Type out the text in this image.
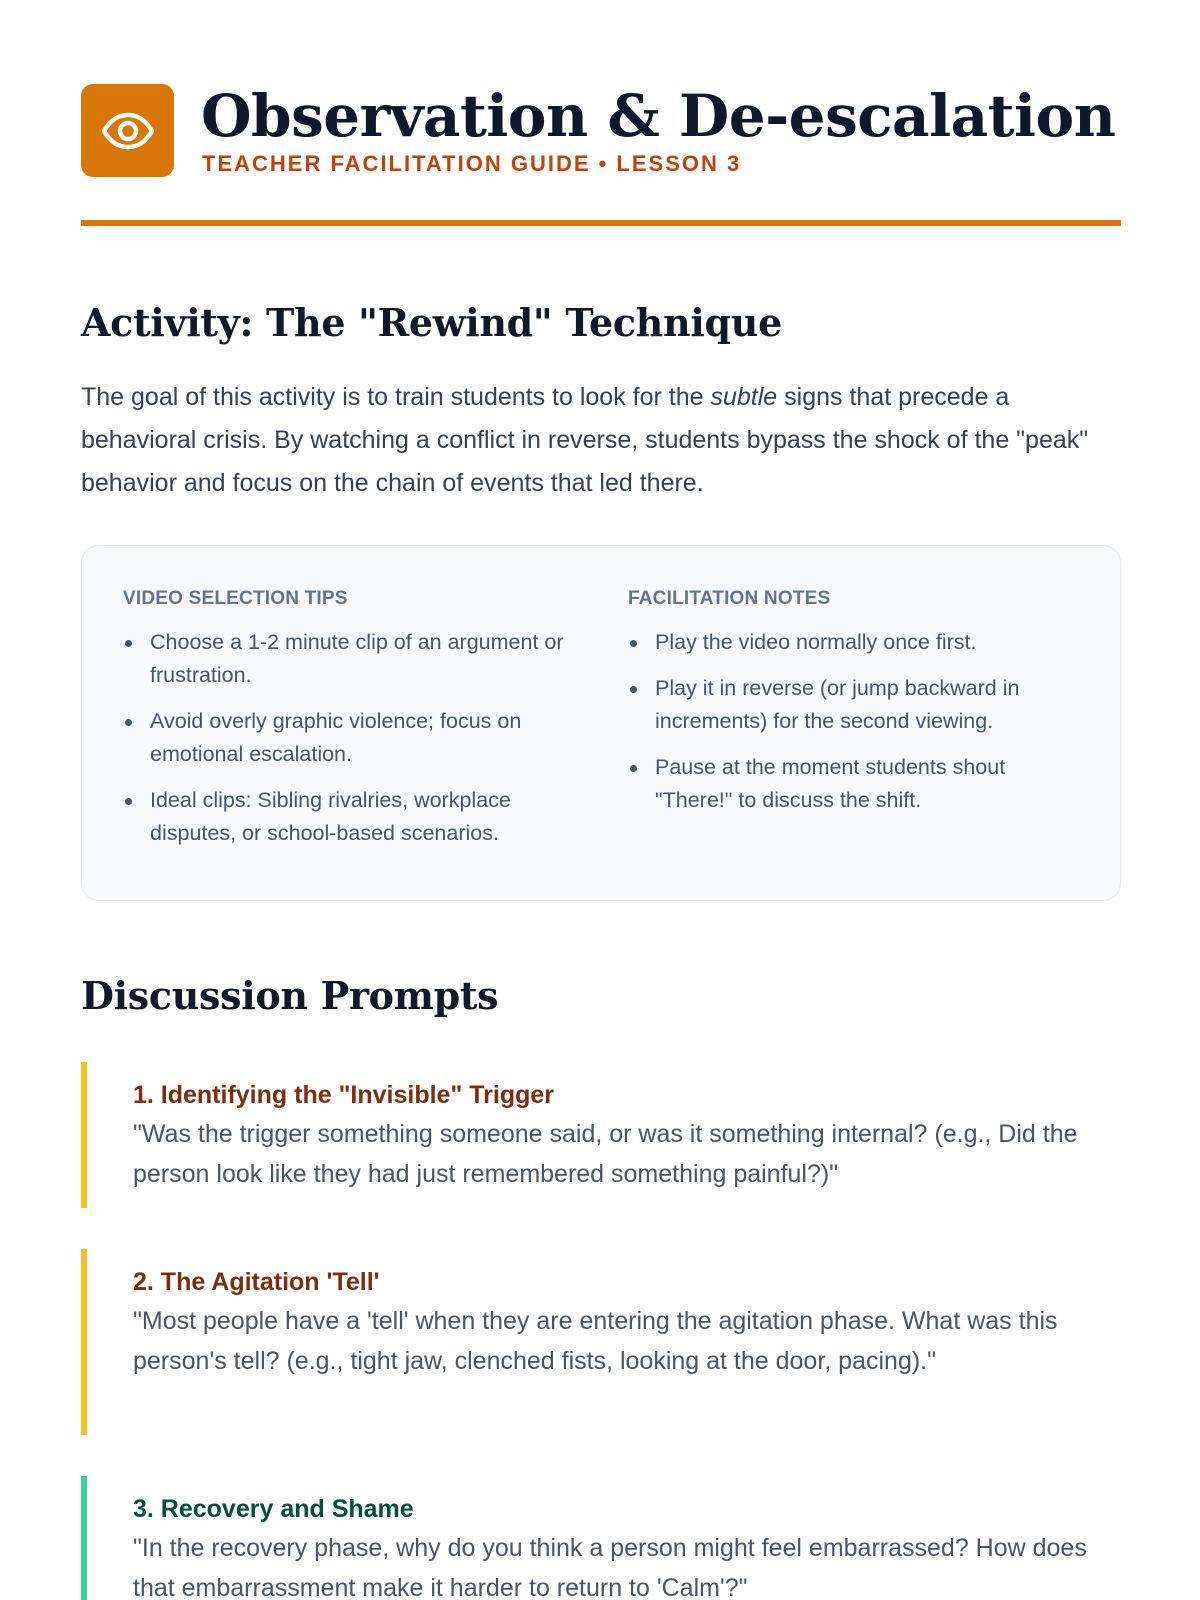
Observation & De-escalation
TEACHER FACILITATION GUIDE • LESSON 3
Activity: The "Rewind" Technique

The goal of this activity is to train students to look for the subtle signs that precede a behavioral crisis. By watching a conflict in reverse, students bypass the shock of the "peak" behavior and focus on the chain of events that led there.

VIDEO SELECTION TIPS
Choose a 1-2 minute clip of an argument or frustration.
Avoid overly graphic violence; focus on emotional escalation.
Ideal clips: Sibling rivalries, workplace disputes, or school-based scenarios.
FACILITATION NOTES
Play the video normally once first.
Play it in reverse (or jump backward in increments) for the second viewing.
Pause at the moment students shout "There!" to discuss the shift.
Discussion Prompts
1. Identifying the "Invisible" Trigger
"Was the trigger something someone said, or was it something internal? (e.g., Did the person look like they had just remembered something painful?)"
2. The Agitation 'Tell'
"Most people have a 'tell' when they are entering the agitation phase. What was this person's tell? (e.g., tight jaw, clenched fists, looking at the door, pacing)."
3. Recovery and Shame
"In the recovery phase, why do you think a person might feel embarrassed? How does that embarrassment make it harder to return to 'Calm'?"
